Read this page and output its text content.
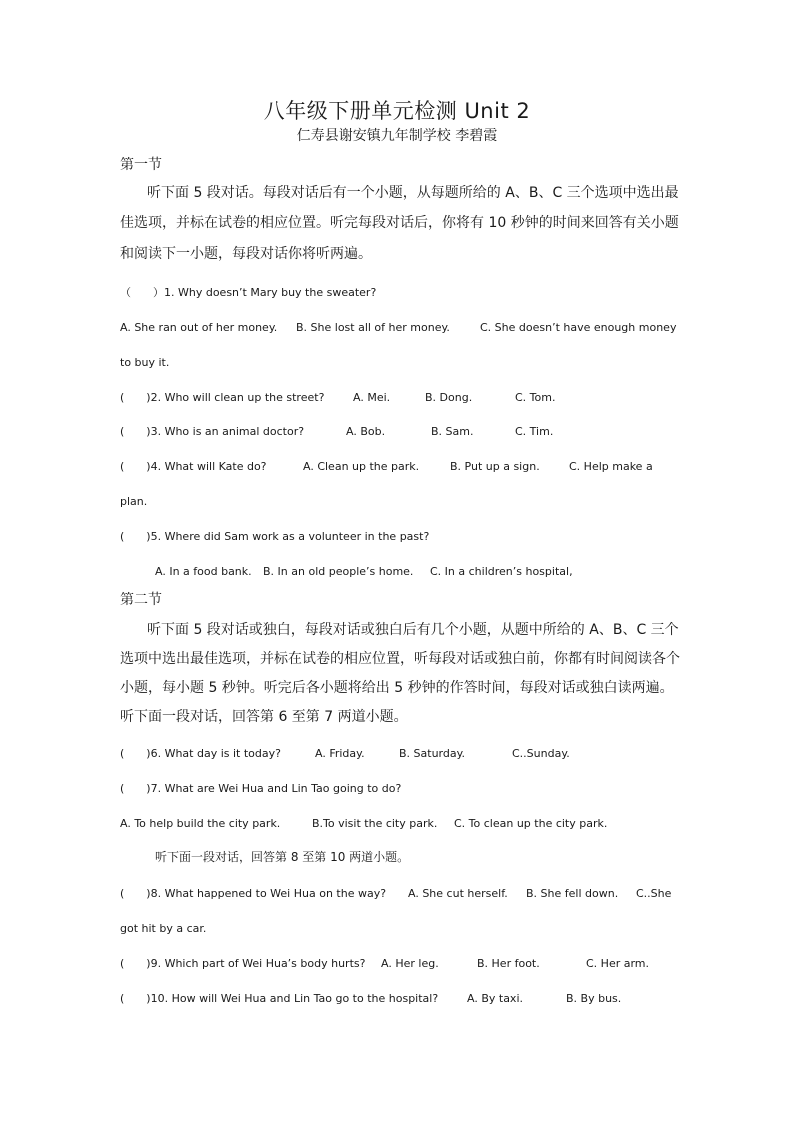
八年级下册单元检测 Unit 2
仁寿县谢安镇九年制学校 李碧霞
第一节
听下面 5 段对话。每段对话后有一个小题，从每题所给的 A、B、C 三个选项中选出最
佳选项，并标在试卷的相应位置。听完每段对话后，你将有 10 秒钟的时间来回答有关小题
和阅读下一小题，每段对话你将听两遍。
（　　）1. Why doesn’t Mary buy the sweater?
A. She ran out of her money. B. She lost all of her money.	C. She doesn’t have enough money
to buy it.
(　　)2. Who will clean up the street?	A. Mei.	B. Dong.	C. Tom.
(　　)3. Who is an animal doctor?	A. Bob.	B. Sam.	C. Tim.
(　　)4. What will Kate do?	A. Clean up the park.	B. Put up a sign.	C. Help make a
plan.
(　　)5. Where did Sam work as a volunteer in the past?
A. In a food bank. B. In an old people’s home. C. In a children’s hospital,
第二节
听下面 5 段对话或独白，每段对话或独白后有几个小题，从题中所给的 A、B、C 三个
选项中选出最佳选项，并标在试卷的相应位置，听每段对话或独白前，你都有时间阅读各个
小题，每小题 5 秒钟。听完后各小题将给出 5 秒钟的作答时间，每段对话或独白读两遍。
听下面一段对话，回答第 6 至第 7 两道小题。
(　　)6. What day is it today?	A. Friday.	B. Saturday.	C..Sunday.
(　　)7. What are Wei Hua and Lin Tao going to do?
A. To help build the city park.	B.To visit the city park. C. To clean up the city park.
听下面一段对话，回答第 8 至第 10 两道小题。
(　　)8. What happened to Wei Hua on the way? A. She cut herself. B. She fell down. C..She
got hit by a car.
(　　)9. Which part of Wei Hua’s body hurts? A. Her leg.	B. Her foot.	C. Her arm.
(　　)10. How will Wei Hua and Lin Tao go to the hospital?	A. By taxi.	B. By bus.
